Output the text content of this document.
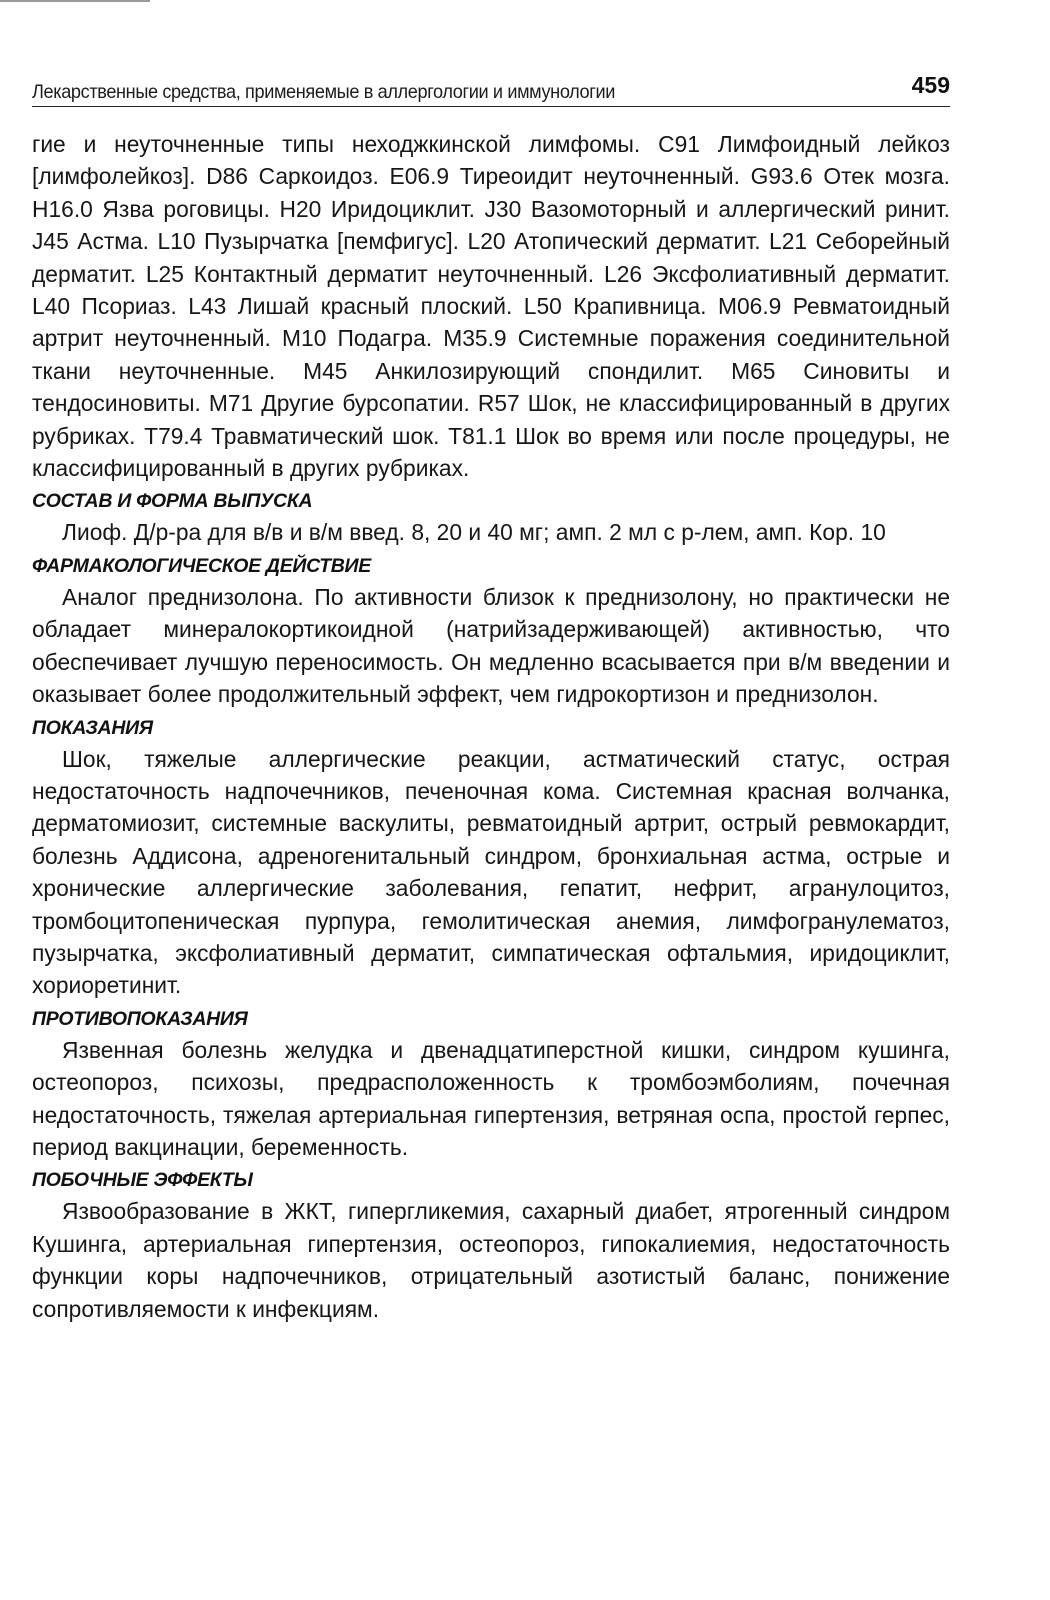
Лекарственные средства, применяемые в аллергологии и иммунологии	459

гие и неуточненные типы неходжкинской лимфомы. C91 Лимфоидный лейкоз [лимфолейкоз]. D86 Саркоидоз. E06.9 Тиреоидит неуточненный. G93.6 Отек мозга. H16.0 Язва роговицы. H20 Иридоциклит. J30 Вазомоторный и аллергический ринит. J45 Астма. L10 Пузырчатка [пемфигус]. L20 Атопический дерматит. L21 Себорейный дерматит. L25 Контактный дерматит неуточненный. L26 Эксфолиативный дерматит. L40 Псориаз. L43 Лишай красный плоский. L50 Крапивница. M06.9 Ревматоидный артрит неуточненный. M10 Подагра. M35.9 Системные поражения соединительной ткани неуточненные. M45 Анкилозирующий спондилит. M65 Синовиты и тендосиновиты. M71 Другие бурсопатии. R57 Шок, не классифицированный в других рубриках. T79.4 Травматический шок. T81.1 Шок во время или после процедуры, не классифицированный в других рубриках.

СОСТАВ И ФОРМА ВЫПУСКА

Лиоф. Д/р-ра для в/в и в/м введ. 8, 20 и 40 мг; амп. 2 мл с р-лем, амп. Кор. 10

ФАРМАКОЛОГИЧЕСКОЕ ДЕЙСТВИЕ

Аналог преднизолона. По активности близок к преднизолону, но практически не обладает минералокортикоидной (натрийзадерживающей) активностью, что обеспечивает лучшую переносимость. Он медленно всасывается при в/м введении и оказывает более продолжительный эффект, чем гидрокортизон и преднизолон.

ПОКАЗАНИЯ

Шок, тяжелые аллергические реакции, астматический статус, острая недостаточность надпочечников, печеночная кома. Системная красная волчанка, дерматомиозит, системные васкулиты, ревматоидный артрит, острый ревмокардит, болезнь Аддисона, адреногенитальный синдром, бронхиальная астма, острые и хронические аллергические заболевания, гепатит, нефрит, агранулоцитоз, тромбоцитопеническая пурпура, гемолитическая анемия, лимфогранулематоз, пузырчатка, эксфолиативный дерматит, симпатическая офтальмия, иридоциклит, хориоретинит.

ПРОТИВОПОКАЗАНИЯ

Язвенная болезнь желудка и двенадцатиперстной кишки, синдром кушинга, остеопороз, психозы, предрасположенность к тромбоэмболиям, почечная недостаточность, тяжелая артериальная гипертензия, ветряная оспа, простой герпес, период вакцинации, беременность.

ПОБОЧНЫЕ ЭФФЕКТЫ

Язвообразование в ЖКТ, гипергликемия, сахарный диабет, ятрогенный синдром Кушинга, артериальная гипертензия, остеопороз, гипокалиемия, недостаточность функции коры надпочечников, отрицательный азотистый баланс, понижение сопротивляемости к инфекциям.
